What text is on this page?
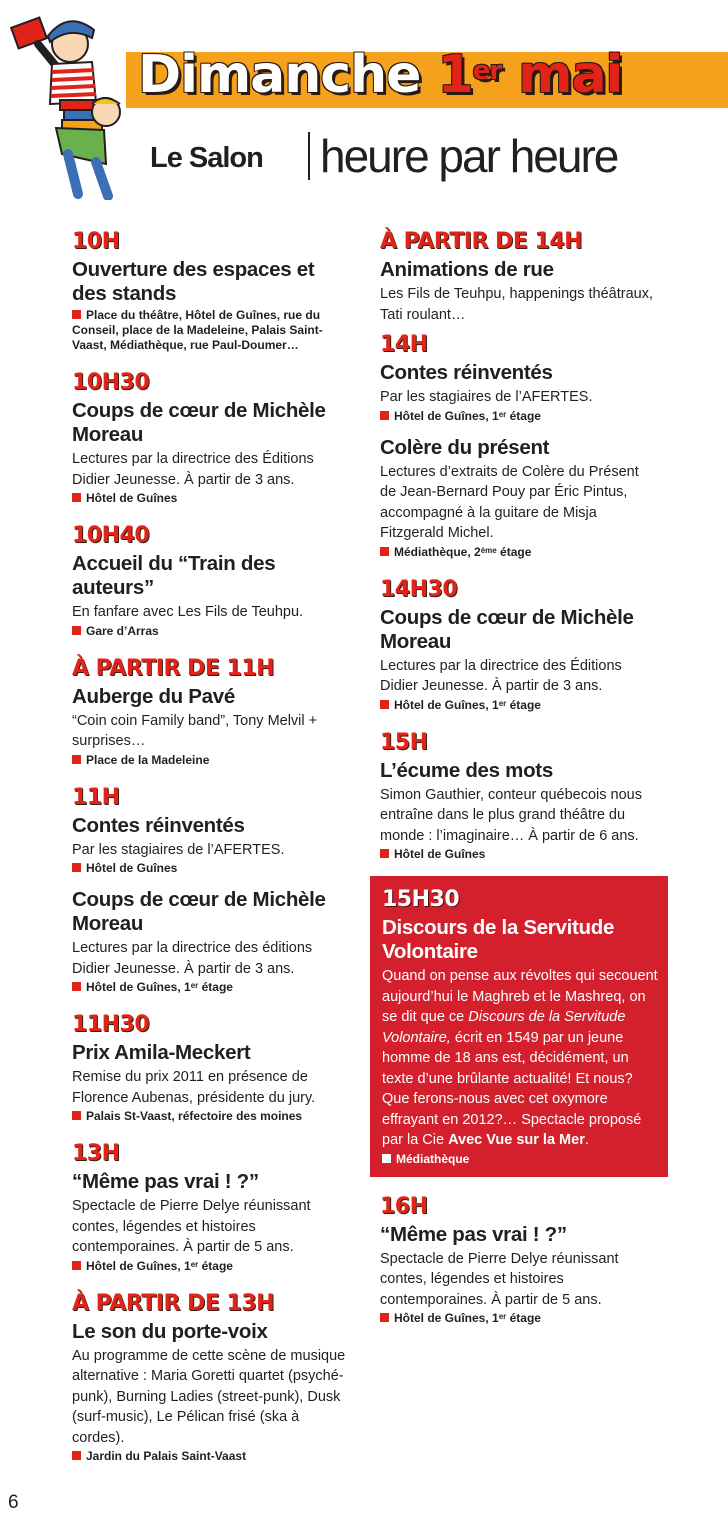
Dimanche 1er mai
Le Salon heure par heure

10H

Ouverture des espaces et des stands

Place du théâtre, Hôtel de Guînes, rue du Conseil, place de la Madeleine, Palais Saint-Vaast, Médiathèque, rue Paul-Doumer…

10H30

Coups de cœur de Michèle Moreau

Lectures par la directrice des Éditions Didier Jeunesse. À partir de 3 ans.

Hôtel de Guînes

10H40

Accueil du “Train des auteurs”

En fanfare avec Les Fils de Teuhpu.

Gare d’Arras

À PARTIR DE 11H

Auberge du Pavé

“Coin coin Family band”, Tony Melvil + surprises…

Place de la Madeleine

11H

Contes réinventés

Par les stagiaires de l’AFERTES.

Hôtel de Guînes

Coups de cœur de Michèle Moreau

Lectures par la directrice des éditions Didier Jeunesse. À partir de 3 ans.

Hôtel de Guînes, 1er étage

11H30

Prix Amila-Meckert

Remise du prix 2011 en présence de Florence Aubenas, présidente du jury.

Palais St-Vaast, réfectoire des moines

13H

“Même pas vrai ! ?”

Spectacle de Pierre Delye réunissant contes, légendes et histoires contemporaines. À partir de 5 ans.

Hôtel de Guînes, 1er étage

À PARTIR DE 13H

Le son du porte-voix

Au programme de cette scène de musique alternative : Maria Goretti quartet (psyché-punk), Burning Ladies (street-punk), Dusk (surf-music), Le Pélican frisé (ska à cordes).

Jardin du Palais Saint-Vaast

À PARTIR DE 14H

Animations de rue

Les Fils de Teuhpu, happenings théâtraux, Tati roulant…

14H

Contes réinventés

Par les stagiaires de l’AFERTES.

Hôtel de Guînes, 1er étage

Colère du présent

Lectures d’extraits de Colère du Présent de Jean-Bernard Pouy par Éric Pintus, accompagné à la guitare de Misja Fitzgerald Michel.

Médiathèque, 2ème étage

14H30

Coups de cœur de Michèle Moreau

Lectures par la directrice des Éditions Didier Jeunesse. À partir de 3 ans.

Hôtel de Guînes, 1er étage

15H

L’écume des mots

Simon Gauthier, conteur québecois nous entraîne dans le plus grand théâtre du monde : l’imaginaire… À partir de 6 ans.

Hôtel de Guînes

15H30

Discours de la Servitude Volontaire

Quand on pense aux révoltes qui secouent aujourd’hui le Maghreb et le Mashreq, on se dit que ce Discours de la Servitude Volontaire, écrit en 1549 par un jeune homme de 18 ans est, décidément, un texte d’une brûlante actualité! Et nous? Que ferons-nous avec cet oxymore effrayant en 2012?… Spectacle proposé par la Cie Avec Vue sur la Mer.

Médiathèque

16H

“Même pas vrai ! ?”

Spectacle de Pierre Delye réunissant contes, légendes et histoires contemporaines. À partir de 5 ans.

Hôtel de Guînes, 1er étage

6
